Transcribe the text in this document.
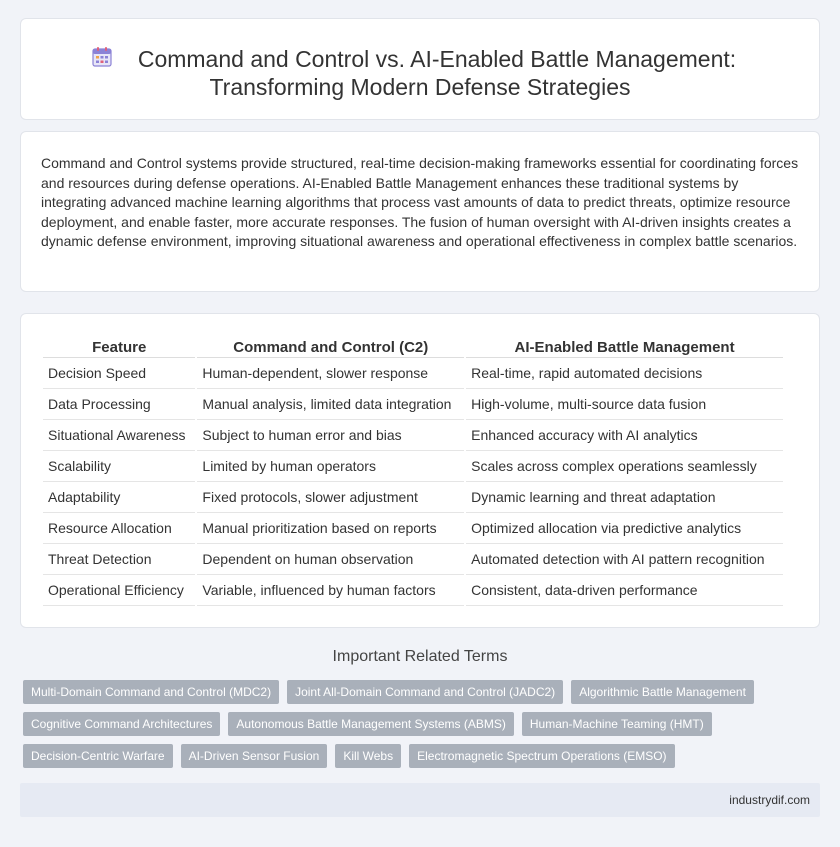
Command and Control vs. AI-Enabled Battle Management:
Transforming Modern Defense Strategies

Command and Control systems provide structured, real-time decision-making frameworks essential for coordinating forces and resources during defense operations. AI-Enabled Battle Management enhances these traditional systems by integrating advanced machine learning algorithms that process vast amounts of data to predict threats, optimize resource deployment, and enable faster, more accurate responses. The fusion of human oversight with AI-driven insights creates a dynamic defense environment, improving situational awareness and operational effectiveness in complex battle scenarios.

Feature	Command and Control (C2)	AI-Enabled Battle Management
Decision Speed	Human-dependent, slower response	Real-time, rapid automated decisions
Data Processing	Manual analysis, limited data integration	High-volume, multi-source data fusion
Situational Awareness	Subject to human error and bias	Enhanced accuracy with AI analytics
Scalability	Limited by human operators	Scales across complex operations seamlessly
Adaptability	Fixed protocols, slower adjustment	Dynamic learning and threat adaptation
Resource Allocation	Manual prioritization based on reports	Optimized allocation via predictive analytics
Threat Detection	Dependent on human observation	Automated detection with AI pattern recognition
Operational Efficiency	Variable, influenced by human factors	Consistent, data-driven performance
Important Related Terms
Multi-Domain Command and Control (MDC2)	Joint All-Domain Command and Control (JADC2)	Algorithmic Battle Management
Cognitive Command Architectures	Autonomous Battle Management Systems (ABMS)	Human-Machine Teaming (HMT)
Decision-Centric Warfare	AI-Driven Sensor Fusion	Kill Webs	Electromagnetic Spectrum Operations (EMSO)
industrydif.com
